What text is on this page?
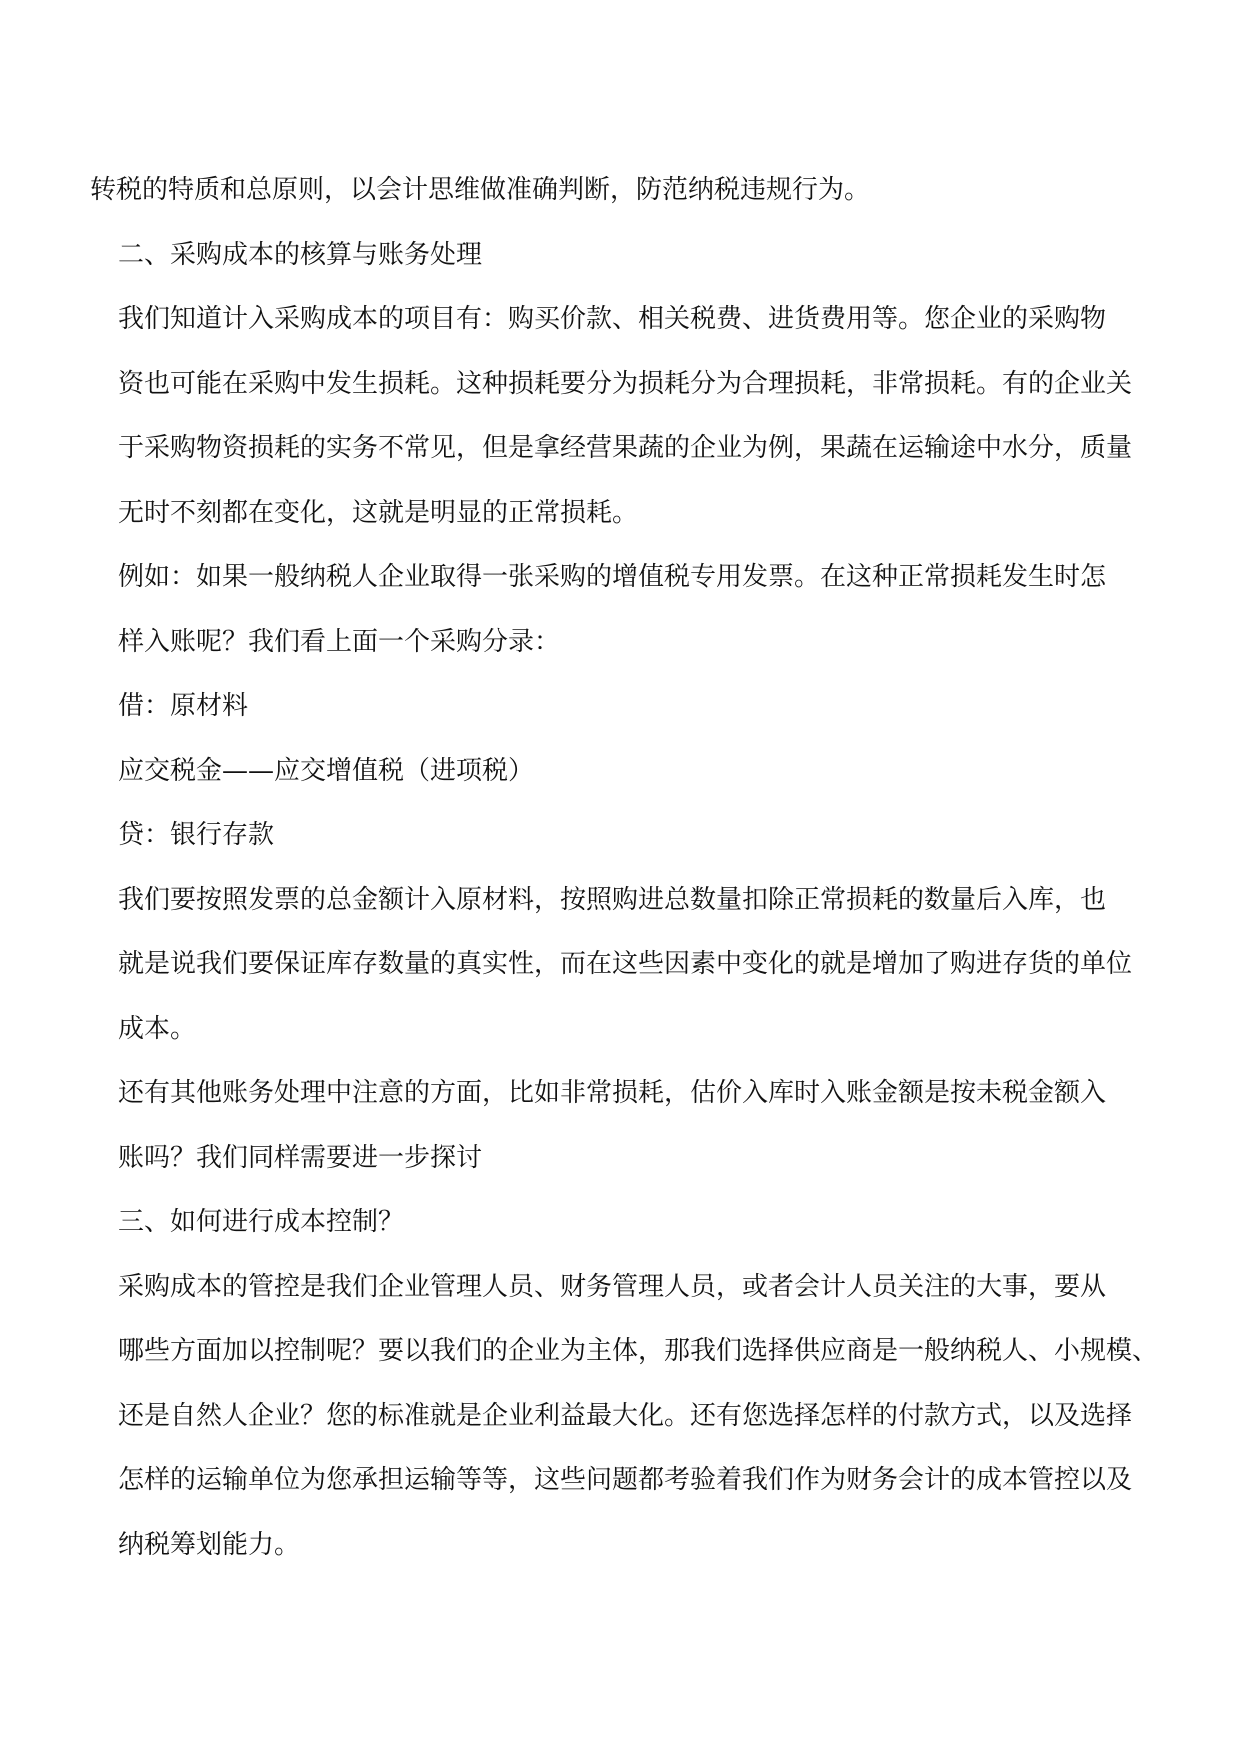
转税的特质和总原则，以会计思维做准确判断，防范纳税违规行为。

二、采购成本的核算与账务处理

我们知道计入采购成本的项目有：购买价款、相关税费、进货费用等。您企业的采购物
资也可能在采购中发生损耗。这种损耗要分为损耗分为合理损耗，非常损耗。有的企业关
于采购物资损耗的实务不常见，但是拿经营果蔬的企业为例，果蔬在运输途中水分，质量
无时不刻都在变化，这就是明显的正常损耗。

例如：如果一般纳税人企业取得一张采购的增值税专用发票。在这种正常损耗发生时怎
样入账呢？我们看上面一个采购分录：

借：原材料

应交税金——应交增值税（进项税）

贷：银行存款

我们要按照发票的总金额计入原材料，按照购进总数量扣除正常损耗的数量后入库，也
就是说我们要保证库存数量的真实性，而在这些因素中变化的就是增加了购进存货的单位
成本。

还有其他账务处理中注意的方面，比如非常损耗，估价入库时入账金额是按未税金额入
账吗？我们同样需要进一步探讨

三、如何进行成本控制？

采购成本的管控是我们企业管理人员、财务管理人员，或者会计人员关注的大事，要从
哪些方面加以控制呢？要以我们的企业为主体，那我们选择供应商是一般纳税人、小规模、
还是自然人企业？您的标准就是企业利益最大化。还有您选择怎样的付款方式，以及选择
怎样的运输单位为您承担运输等等，这些问题都考验着我们作为财务会计的成本管控以及
纳税筹划能力。
